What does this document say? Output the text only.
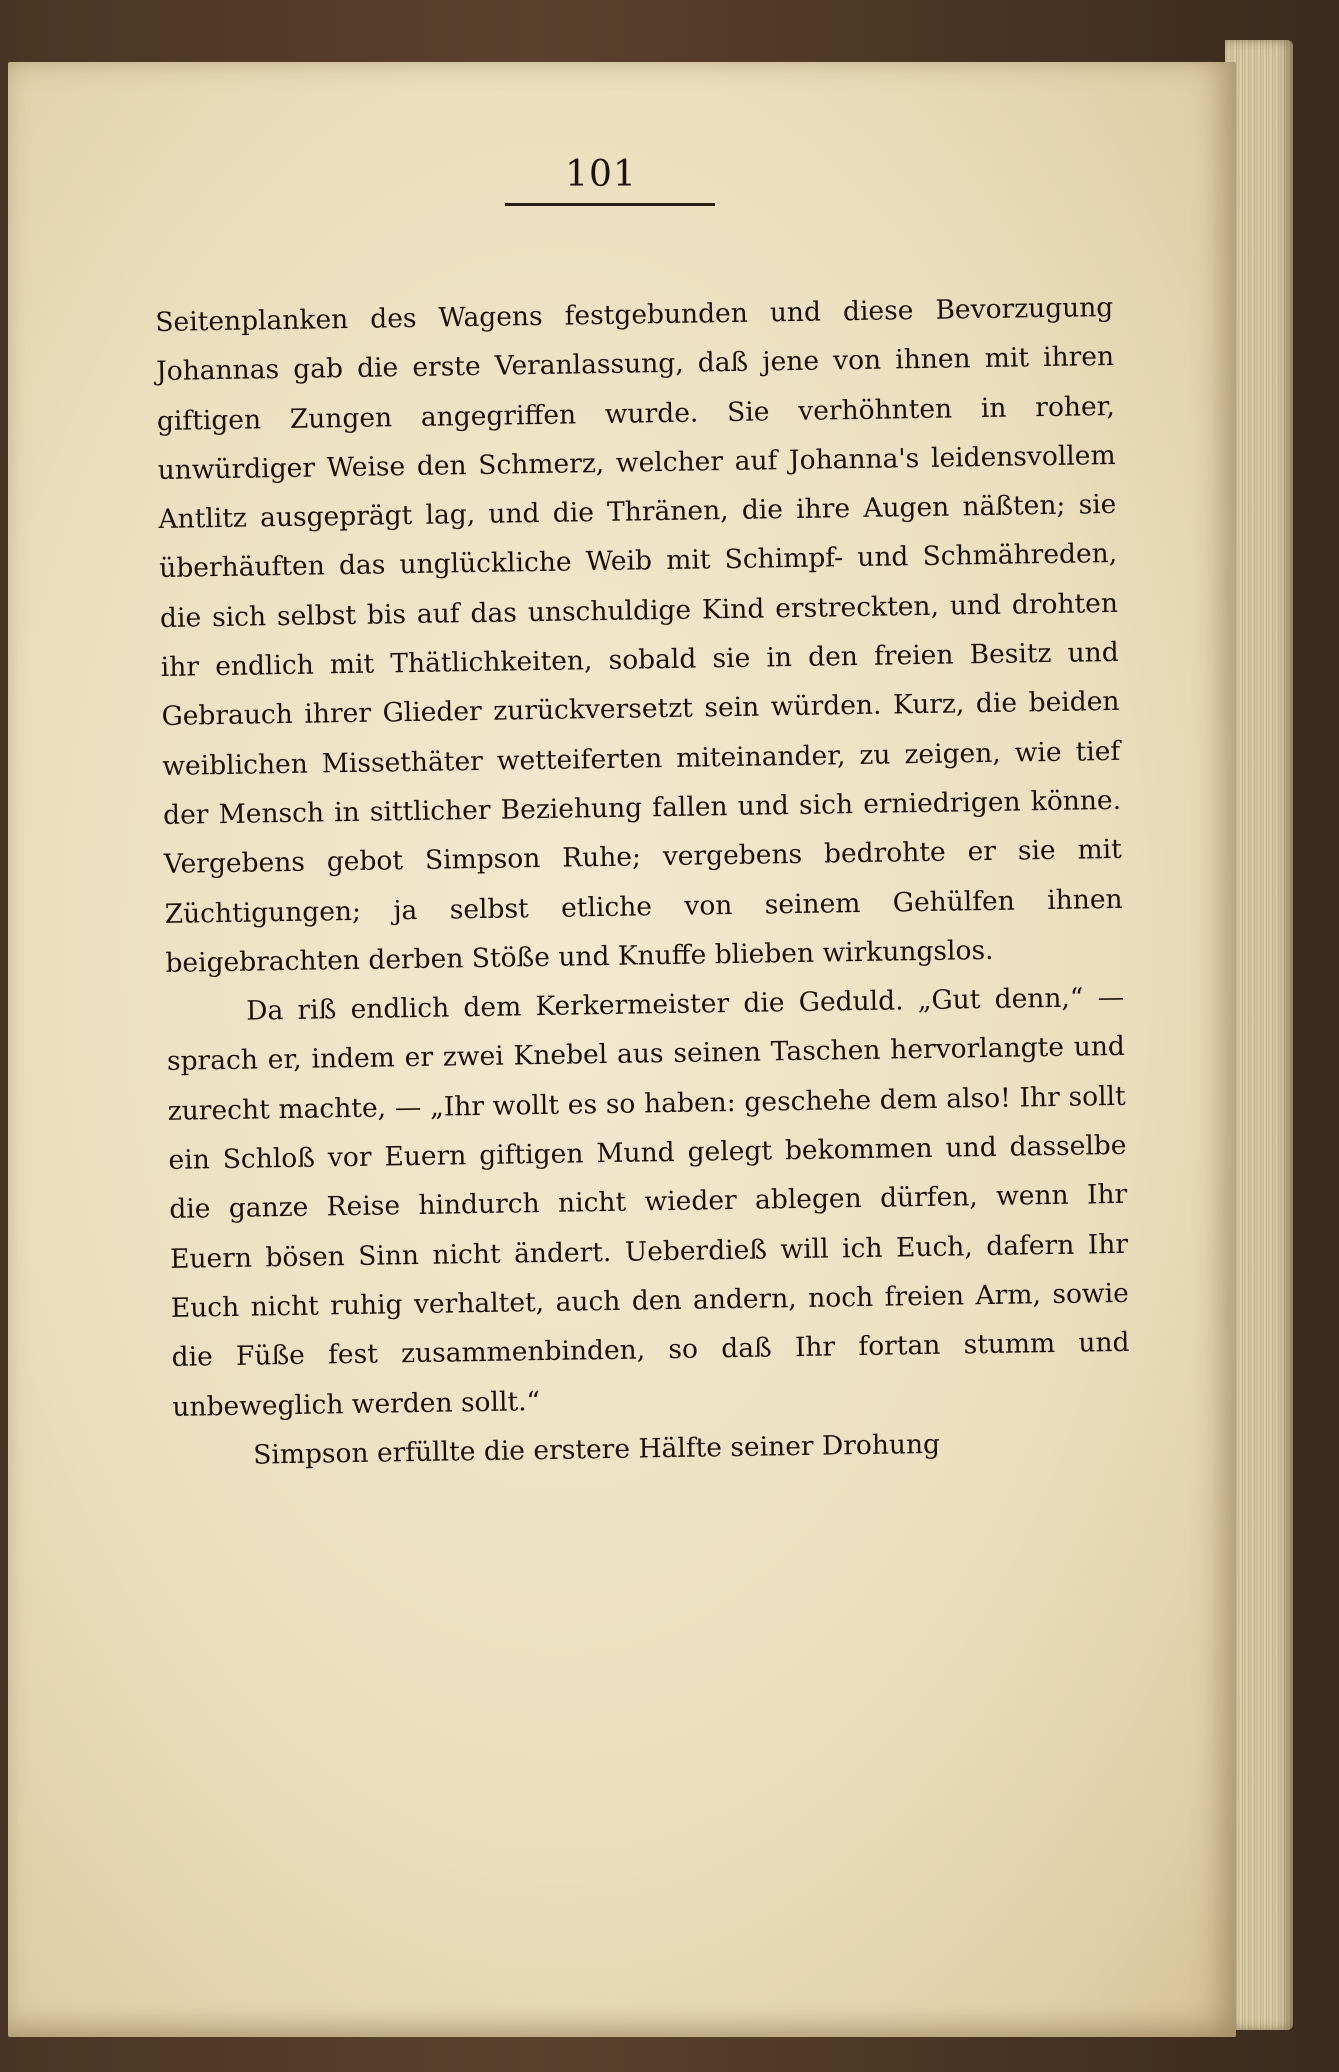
101

Seitenplanken des Wagens festgebunden und diese Bevorzugung Johannas gab die erste Veranlassung, daß jene von ihnen mit ihren giftigen Zungen angegriffen wurde. Sie verhöhnten in roher, unwürdiger Weise den Schmerz, welcher auf Johanna's leidensvollem Antlitz ausgeprägt lag, und die Thränen, die ihre Augen näßten; sie überhäuften das unglückliche Weib mit Schimpf- und Schmähreden, die sich selbst bis auf das unschuldige Kind erstreckten, und drohten ihr endlich mit Thätlichkeiten, sobald sie in den freien Besitz und Gebrauch ihrer Glieder zurückversetzt sein würden. Kurz, die beiden weiblichen Missethäter wetteiferten miteinander, zu zeigen, wie tief der Mensch in sittlicher Beziehung fallen und sich erniedrigen könne. Vergebens gebot Simpson Ruhe; vergebens bedrohte er sie mit Züchtigungen; ja selbst etliche von seinem Gehülfen ihnen beigebrachten derben Stöße und Knuffe blieben wirkungslos.

Da riß endlich dem Kerkermeister die Geduld. „Gut denn,“ — sprach er, indem er zwei Knebel aus seinen Taschen hervorlangte und zurecht machte, — „Ihr wollt es so haben: geschehe dem also! Ihr sollt ein Schloß vor Euern giftigen Mund gelegt bekommen und dasselbe die ganze Reise hindurch nicht wieder ablegen dürfen, wenn Ihr Euern bösen Sinn nicht ändert. Ueberdieß will ich Euch, dafern Ihr Euch nicht ruhig verhaltet, auch den andern, noch freien Arm, sowie die Füße fest zusammenbinden, so daß Ihr fortan stumm und unbeweglich werden sollt.“

Simpson erfüllte die erstere Hälfte seiner Drohung
